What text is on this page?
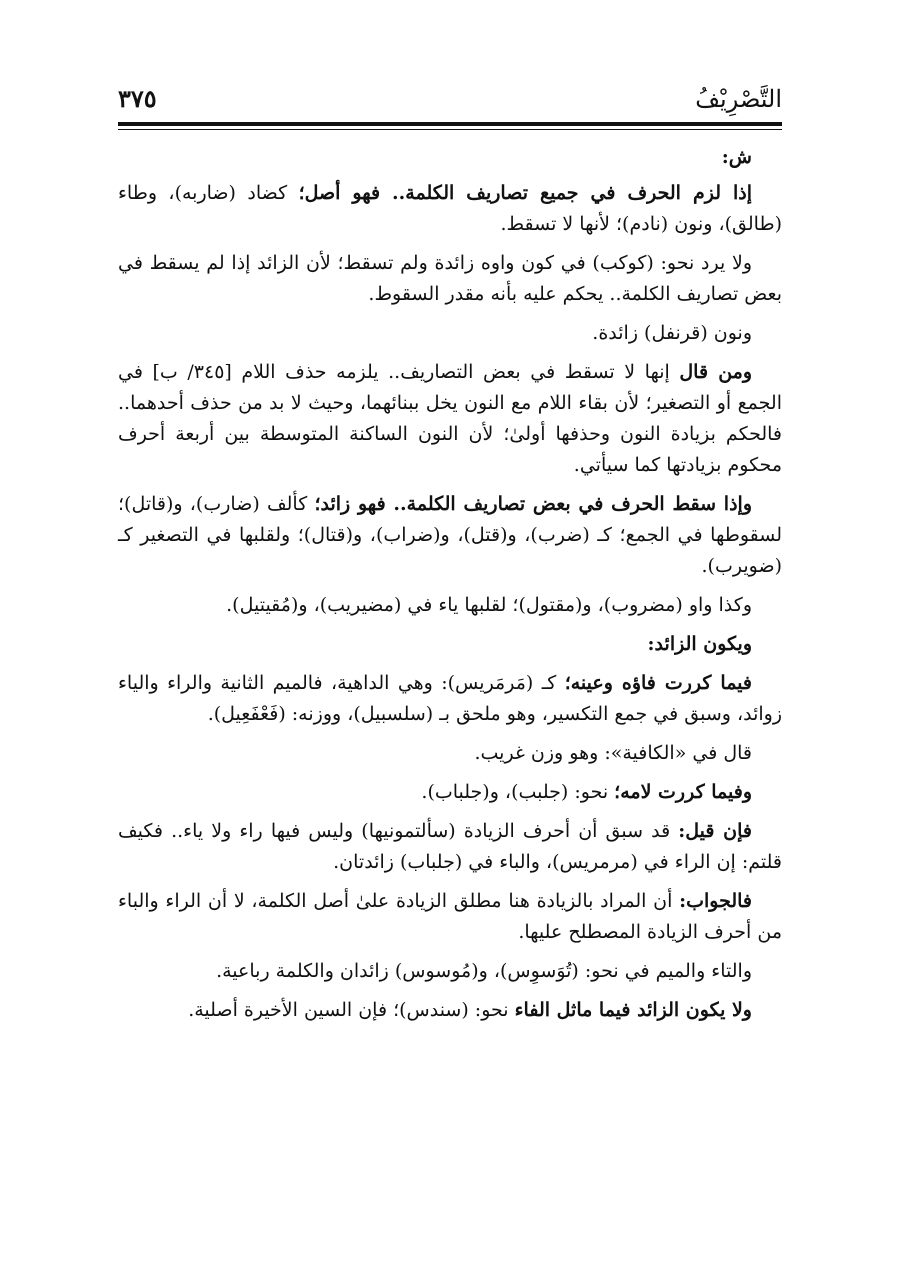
التَّصْرِيْفُ
٣٧٥

ش:

إذا لزم الحرف في جميع تصاريف الكلمة.. فهو أصل؛ كضاد (ضاربه)، وطاء (طالق)، ونون (نادم)؛ لأنها لا تسقط.

ولا يرد نحو: (كوكب) في كون واوه زائدة ولم تسقط؛ لأن الزائد إذا لم يسقط في بعض تصاريف الكلمة.. يحكم عليه بأنه مقدر السقوط.

ونون (قرنفل) زائدة.

ومن قال إنها لا تسقط في بعض التصاريف.. يلزمه حذف اللام [٣٤٥/ ب] في الجمع أو التصغير؛ لأن بقاء اللام مع النون يخل ببنائهما، وحيث لا بد من حذف أحدهما.. فالحكم بزيادة النون وحذفها أولىٰ؛ لأن النون الساكنة المتوسطة بين أربعة أحرف محكوم بزيادتها كما سيأتي.

وإذا سقط الحرف في بعض تصاريف الكلمة.. فهو زائد؛ كألف (ضارب)، و(قاتل)؛ لسقوطها في الجمع؛ كـ (ضرب)، و(قتل)، و(ضراب)، و(قتال)؛ ولقلبها في التصغير كـ (ضويرب).

وكذا واو (مضروب)، و(مقتول)؛ لقلبها ياء في (مضيريب)، و(مُقيتيل).

ويكون الزائد:

فيما كررت فاؤه وعينه؛ كـ (مَرمَريس): وهي الداهية، فالميم الثانية والراء والياء زوائد، وسبق في جمع التكسير، وهو ملحق بـ (سلسبيل)، ووزنه: (فَعْفَعِيل).

قال في «الكافية»: وهو وزن غريب.

وفيما كررت لامه؛ نحو: (جلبب)، و(جلباب).

فإن قيل: قد سبق أن أحرف الزيادة (سألتمونيها) وليس فيها راء ولا ياء.. فكيف قلتم: إن الراء في (مرمريس)، والباء في (جلباب) زائدتان.

فالجواب: أن المراد بالزيادة هنا مطلق الزيادة علىٰ أصل الكلمة، لا أن الراء والباء من أحرف الزيادة المصطلح عليها.

والتاء والميم في نحو: (تُوَسوِس)، و(مُوسوس) زائدان والكلمة رباعية.

ولا يكون الزائد فيما ماثل الفاء نحو: (سندس)؛ فإن السين الأخيرة أصلية.
